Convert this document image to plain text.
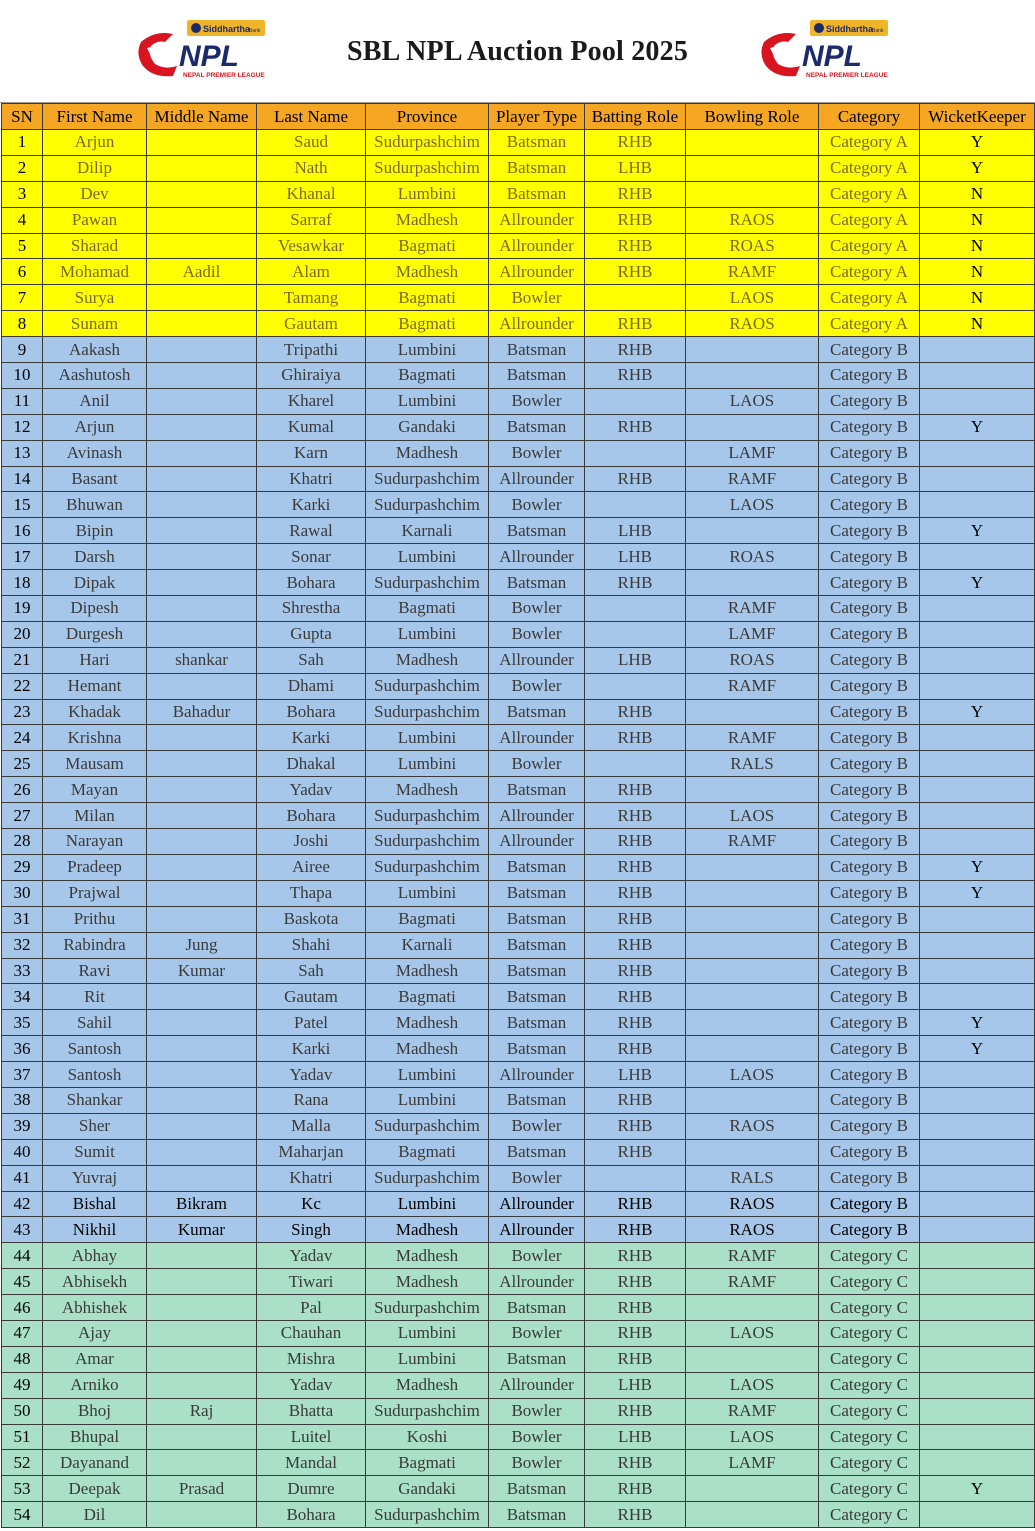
Siddhartha
Bank
NPL
NEPAL PREMIER LEAGUE
SBL NPL Auction Pool 2025
Siddhartha
Bank
NPL
NEPAL PREMIER LEAGUE
SN	First Name	Middle Name	Last Name	Province	Player Type	Batting Role	Bowling Role	Category	WicketKeeper
1	Arjun		Saud	Sudurpashchim	Batsman	RHB		Category A	Y
2	Dilip		Nath	Sudurpashchim	Batsman	LHB		Category A	Y
3	Dev		Khanal	Lumbini	Batsman	RHB		Category A	N
4	Pawan		Sarraf	Madhesh	Allrounder	RHB	RAOS	Category A	N
5	Sharad		Vesawkar	Bagmati	Allrounder	RHB	ROAS	Category A	N
6	Mohamad	Aadil	Alam	Madhesh	Allrounder	RHB	RAMF	Category A	N
7	Surya		Tamang	Bagmati	Bowler		LAOS	Category A	N
8	Sunam		Gautam	Bagmati	Allrounder	RHB	RAOS	Category A	N
9	Aakash		Tripathi	Lumbini	Batsman	RHB		Category B	
10	Aashutosh		Ghiraiya	Bagmati	Batsman	RHB		Category B	
11	Anil		Kharel	Lumbini	Bowler		LAOS	Category B	
12	Arjun		Kumal	Gandaki	Batsman	RHB		Category B	Y
13	Avinash		Karn	Madhesh	Bowler		LAMF	Category B	
14	Basant		Khatri	Sudurpashchim	Allrounder	RHB	RAMF	Category B	
15	Bhuwan		Karki	Sudurpashchim	Bowler		LAOS	Category B	
16	Bipin		Rawal	Karnali	Batsman	LHB		Category B	Y
17	Darsh		Sonar	Lumbini	Allrounder	LHB	ROAS	Category B	
18	Dipak		Bohara	Sudurpashchim	Batsman	RHB		Category B	Y
19	Dipesh		Shrestha	Bagmati	Bowler		RAMF	Category B	
20	Durgesh		Gupta	Lumbini	Bowler		LAMF	Category B	
21	Hari	shankar	Sah	Madhesh	Allrounder	LHB	ROAS	Category B	
22	Hemant		Dhami	Sudurpashchim	Bowler		RAMF	Category B	
23	Khadak	Bahadur	Bohara	Sudurpashchim	Batsman	RHB		Category B	Y
24	Krishna		Karki	Lumbini	Allrounder	RHB	RAMF	Category B	
25	Mausam		Dhakal	Lumbini	Bowler		RALS	Category B	
26	Mayan		Yadav	Madhesh	Batsman	RHB		Category B	
27	Milan		Bohara	Sudurpashchim	Allrounder	RHB	LAOS	Category B	
28	Narayan		Joshi	Sudurpashchim	Allrounder	RHB	RAMF	Category B	
29	Pradeep		Airee	Sudurpashchim	Batsman	RHB		Category B	Y
30	Prajwal		Thapa	Lumbini	Batsman	RHB		Category B	Y
31	Prithu		Baskota	Bagmati	Batsman	RHB		Category B	
32	Rabindra	Jung	Shahi	Karnali	Batsman	RHB		Category B	
33	Ravi	Kumar	Sah	Madhesh	Batsman	RHB		Category B	
34	Rit		Gautam	Bagmati	Batsman	RHB		Category B	
35	Sahil		Patel	Madhesh	Batsman	RHB		Category B	Y
36	Santosh		Karki	Madhesh	Batsman	RHB		Category B	Y
37	Santosh		Yadav	Lumbini	Allrounder	LHB	LAOS	Category B	
38	Shankar		Rana	Lumbini	Batsman	RHB		Category B	
39	Sher		Malla	Sudurpashchim	Bowler	RHB	RAOS	Category B	
40	Sumit		Maharjan	Bagmati	Batsman	RHB		Category B	
41	Yuvraj		Khatri	Sudurpashchim	Bowler		RALS	Category B	
42	Bishal	Bikram	Kc	Lumbini	Allrounder	RHB	RAOS	Category B	
43	Nikhil	Kumar	Singh	Madhesh	Allrounder	RHB	RAOS	Category B	
44	Abhay		Yadav	Madhesh	Bowler	RHB	RAMF	Category C	
45	Abhisekh		Tiwari	Madhesh	Allrounder	RHB	RAMF	Category C	
46	Abhishek		Pal	Sudurpashchim	Batsman	RHB		Category C	
47	Ajay		Chauhan	Lumbini	Bowler	RHB	LAOS	Category C	
48	Amar		Mishra	Lumbini	Batsman	RHB		Category C	
49	Arniko		Yadav	Madhesh	Allrounder	LHB	LAOS	Category C	
50	Bhoj	Raj	Bhatta	Sudurpashchim	Bowler	RHB	RAMF	Category C	
51	Bhupal		Luitel	Koshi	Bowler	LHB	LAOS	Category C	
52	Dayanand		Mandal	Bagmati	Bowler	RHB	LAMF	Category C	
53	Deepak	Prasad	Dumre	Gandaki	Batsman	RHB		Category C	Y
54	Dil		Bohara	Sudurpashchim	Batsman	RHB		Category C	
